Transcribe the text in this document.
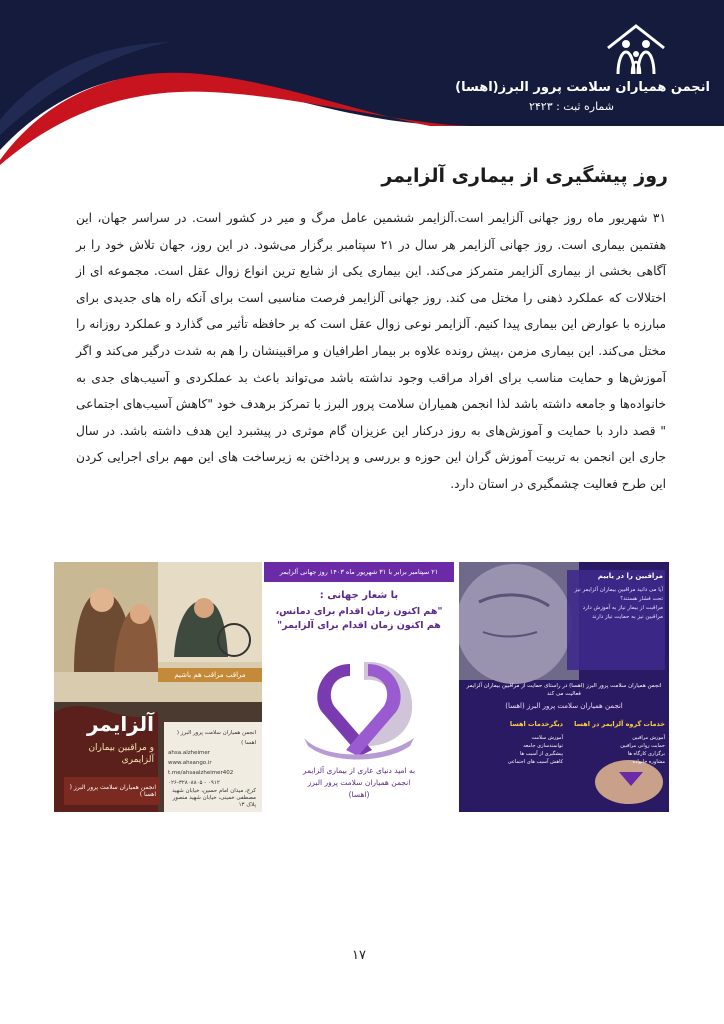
انجمن همیاران سلامت پرور البرز(اهسا)
شماره ثبت : ۲۴۲۳
روز پیشگیری از بیماری آلزایمر
۳۱ شهریور ماه روز جهانی آلزایمر است.آلزایمر ششمین عامل مرگ و میر در کشور است. در سراسر جهان، این هفتمین بیماری است. روز جهانی آلزایمر هر سال در ۲۱ سپتامبر برگزار می‌شود. در این روز، جهان تلاش خود را بر آگاهی بخشی از بیماری آلزایمر متمرکز می‌کند. این بیماری یکی از شایع ترین انواع زوال عقل است. مجموعه ای از اختلالات که عملکرد ذهنی را مختل می کند. روز جهانی آلزایمر فرصت مناسبی است برای آنکه راه های جدیدی برای مبارزه با عوارض این بیماری پیدا کنیم. آلزایمر نوعی زوال عقل است که بر حافظه تأثیر می گذارد و عملکرد روزانه را مختل می‌کند. این بیماری مزمن ،پیش رونده علاوه بر بیمار اطرافیان و مراقبینشان را هم به شدت درگیر می‌کند و اگر آموزش‌ها و حمایت مناسب برای افراد مراقب وجود نداشته باشد می‌تواند باعث بد عملکردی و آسیب‌های جدی به خانواده‌ها و جامعه داشته باشد لذا انجمن همیاران سلامت پرور البرز با تمرکز برهدف خود "کاهش آسیب‌های اجتماعی " قصد دارد با حمایت و آموزش‌های به روز درکنار این عزیزان گام موثری در پیشبرد این هدف داشته باشد. در سال جاری این انجمن به تربیت آموزش گران این حوزه و بررسی و پرداختن به زیرساخت های این مهم برای اجرایی کردن این طرح فعالیت چشمگیری در استان دارد.
مراقب مراقب هم باشیم
آلزایمر
و مراقبین بیماران آلزایمری
انجمن همیاران سلامت پرور البرز ( اهسا )
انجمن همیاران سلامت پرور البرز ( اهسا )
ahsa.alzheimer
www.ahsango.ir
t.me/ahsaalzheimer402
۰۲۶-۳۲۸۰۸۸۰۵ - ۰۹۱۲
کرج، میدان امام حسین، خیابان شهید مصطفی خمینی، خیابان شهید منصور پلاک ۱۳
۲۱ سپتامبر برابر با ۳۱ شهریور ماه ۱۴۰۳ روز جهانی آلزایمر
با شعار جهانی :
"هم اکنون زمان اقدام برای دمانس،
هم اکنون زمان اقدام برای آلزایمر"
به امید دنیای عاری از بیماری آلزایمر
انجمن همیاران سلامت پرور البرز
(اهسا)
مراقبین را در یابیم
آیا می دانید مراقبین بیماران آلزایمر نیز تحت فشار هستند؟
مراقبت از بیمار نیاز به آموزش دارد
مراقبین نیز به حمایت نیاز دارند
انجمن همیاران سلامت پرور البرز (اهسا) در راستای حمایت از مراقبین بیماران آلزایمر فعالیت می کند
انجمن همیاران سلامت پرور البرز (اهسا)
خدمات گروه آلزایمر در اهسا
دیگرخدمات اهسا
آموزش مراقبین
حمایت روانی مراقبین
برگزاری کارگاه ها
مشاوره خانواده
آموزش سلامت
توانمندسازی جامعه
پیشگیری از آسیب ها
کاهش آسیب های اجتماعی
۱۷
